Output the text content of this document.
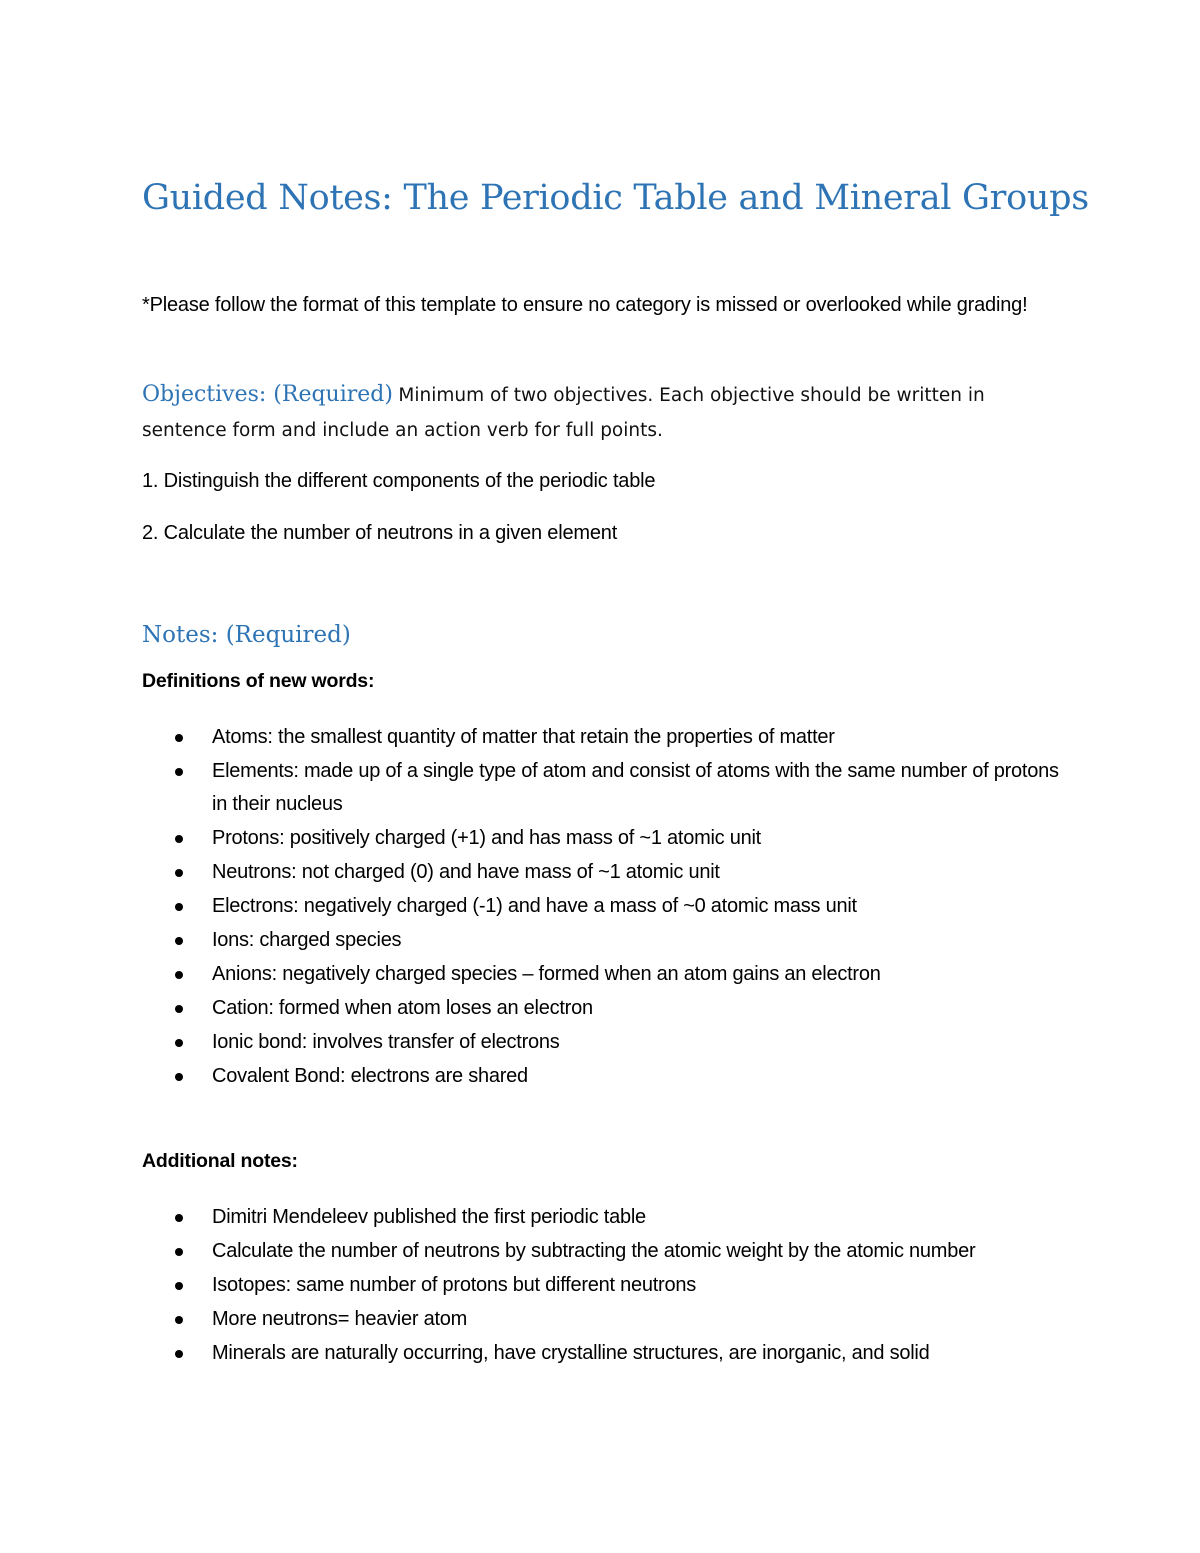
Guided Notes: The Periodic Table and Mineral Groups

*Please follow the format of this template to ensure no category is missed or overlooked while grading!

Objectives: (Required) Minimum of two objectives. Each objective should be written in sentence form and include an action verb for full points.

1. Distinguish the different components of the periodic table

2. Calculate the number of neutrons in a given element

Notes: (Required)

Definitions of new words:

Atoms: the smallest quantity of matter that retain the properties of matter
Elements: made up of a single type of atom and consist of atoms with the same number of protons in their nucleus
Protons: positively charged (+1) and has mass of ~1 atomic unit
Neutrons: not charged (0) and have mass of ~1 atomic unit
Electrons: negatively charged (-1) and have a mass of ~0 atomic mass unit
Ions: charged species
Anions: negatively charged species – formed when an atom gains an electron
Cation: formed when atom loses an electron
Ionic bond: involves transfer of electrons
Covalent Bond: electrons are shared

Additional notes:

Dimitri Mendeleev published the first periodic table
Calculate the number of neutrons by subtracting the atomic weight by the atomic number
Isotopes: same number of protons but different neutrons
More neutrons= heavier atom
Minerals are naturally occurring, have crystalline structures, are inorganic, and solid
